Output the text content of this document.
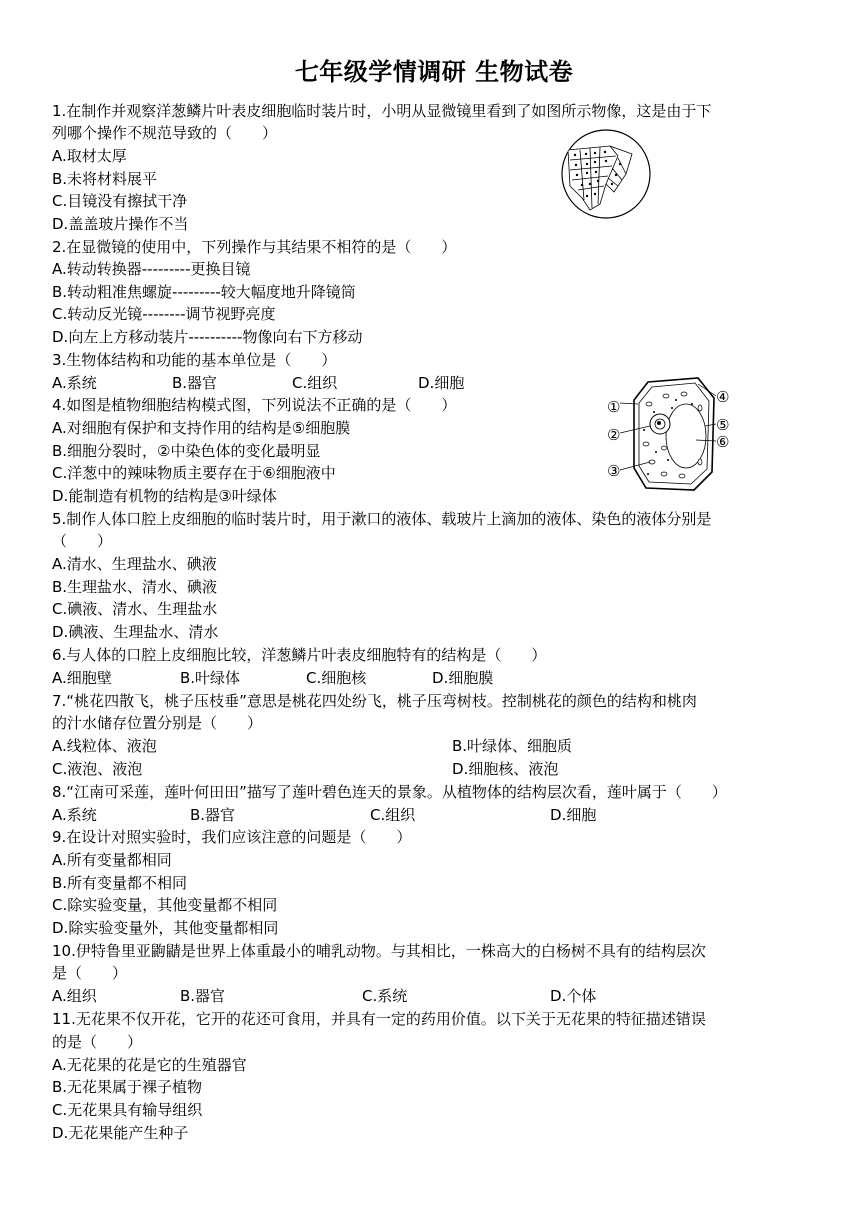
七年级学情调研 生物试卷
1.在制作并观察洋葱鳞片叶表皮细胞临时装片时，小明从显微镜里看到了如图所示物像，这是由于下
列哪个操作不规范导致的（　　）
A.取材太厚
B.未将材料展平
C.目镜没有擦拭干净
D.盖盖玻片操作不当
2.在显微镜的使用中，下列操作与其结果不相符的是（　　）
A.转动转换器---------更换目镜
B.转动粗准焦螺旋---------较大幅度地升降镜筒
C.转动反光镜--------调节视野亮度
D.向左上方移动装片----------物像向右下方移动
3.生物体结构和功能的基本单位是（　　）
A.系统	B.器官	C.组织	D.细胞
4.如图是植物细胞结构模式图，下列说法不正确的是（　　）
A.对细胞有保护和支持作用的结构是⑤细胞膜
B.细胞分裂时，②中染色体的变化最明显
C.洋葱中的辣味物质主要存在于⑥细胞液中
D.能制造有机物的结构是③叶绿体
①
②
③
④
⑤
⑥
5.制作人体口腔上皮细胞的临时装片时，用于漱口的液体、载玻片上滴加的液体、染色的液体分别是
（　　）
A.清水、生理盐水、碘液
B.生理盐水、清水、碘液
C.碘液、清水、生理盐水
D.碘液、生理盐水、清水
6.与人体的口腔上皮细胞比较，洋葱鳞片叶表皮细胞特有的结构是（　　）
A.细胞壁	B.叶绿体	C.细胞核	D.细胞膜
7.“桃花四散飞，桃子压枝垂”意思是桃花四处纷飞，桃子压弯树枝。控制桃花的颜色的结构和桃肉
的汁水储存位置分别是（　　）
A.线粒体、液泡	B.叶绿体、细胞质
C.液泡、液泡	D.细胞核、液泡
8.“江南可采莲，莲叶何田田”描写了莲叶碧色连天的景象。从植物体的结构层次看，莲叶属于（　　）
A.系统	B.器官	C.组织	D.细胞
9.在设计对照实验时，我们应该注意的问题是（　　）
A.所有变量都相同
B.所有变量都不相同
C.除实验变量，其他变量都不相同
D.除实验变量外，其他变量都相同
10.伊特鲁里亚鼩鼱是世界上体重最小的哺乳动物。与其相比，一株高大的白杨树不具有的结构层次
是（　　）
A.组织	B.器官	C.系统	D.个体
11.无花果不仅开花，它开的花还可食用，并具有一定的药用价值。以下关于无花果的特征描述错误
的是（　　）
A.无花果的花是它的生殖器官
B.无花果属于裸子植物
C.无花果具有输导组织
D.无花果能产生种子
